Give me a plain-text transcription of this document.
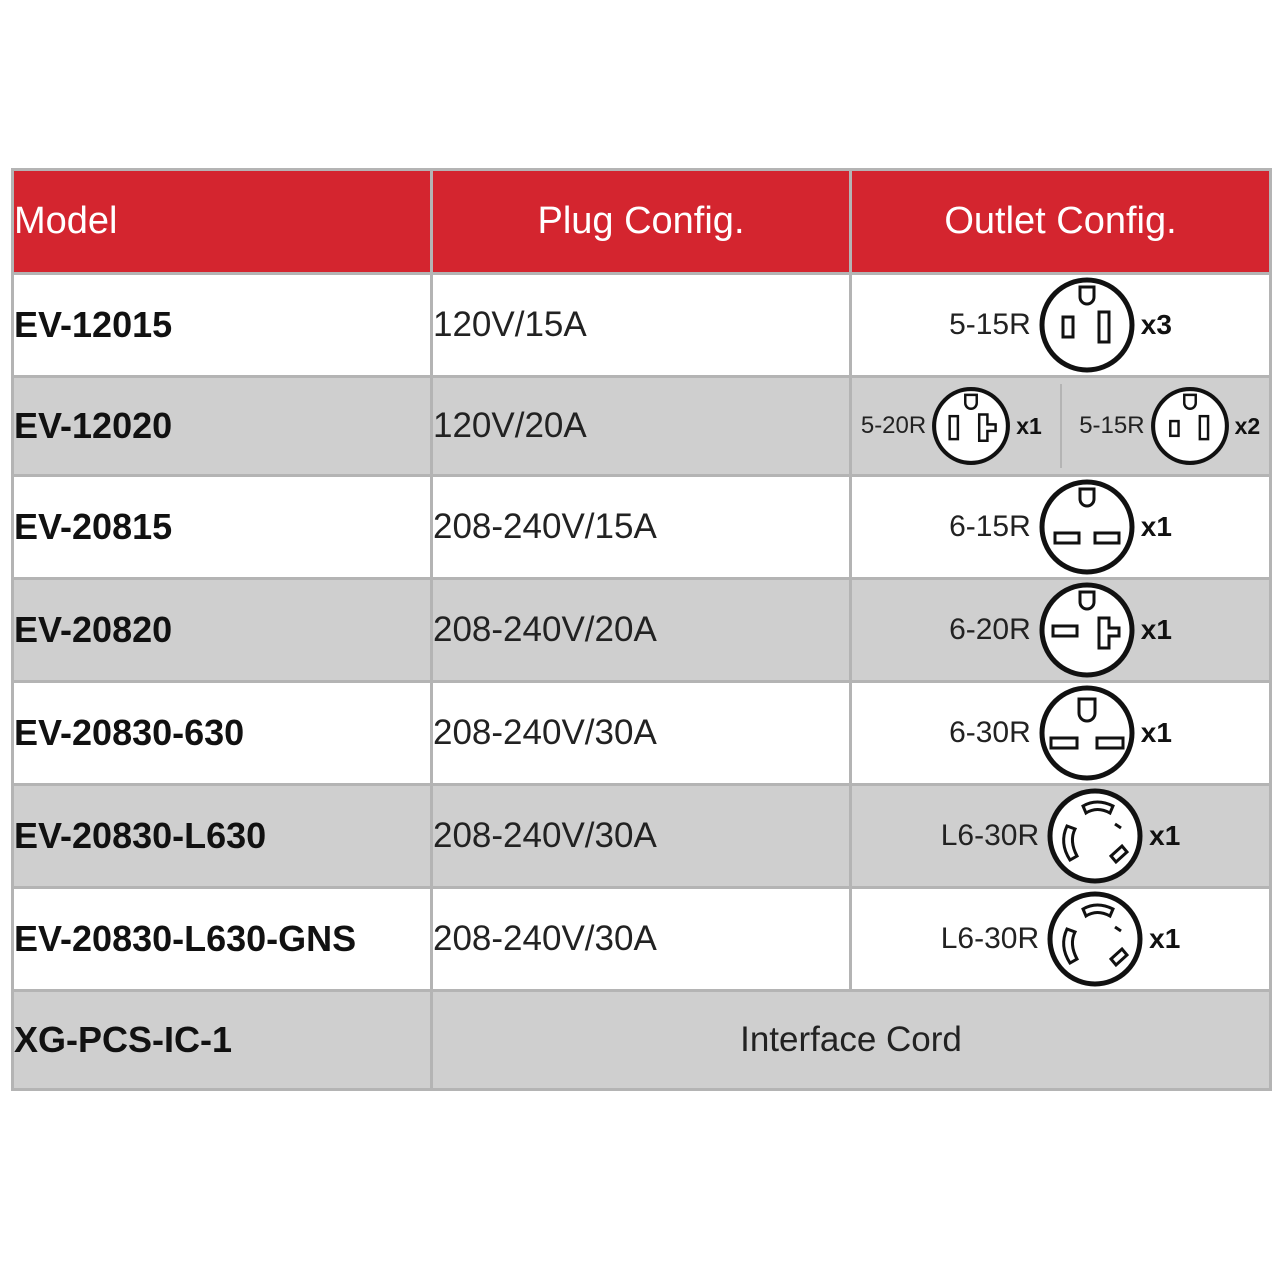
Model	Plug Config.	Outlet Config.
EV-12015	120V/15A	5-15R x3

EV-12020	120V/20A	5-20R x1 5-15R x2

EV-20815	208-240V/15A	6-15R x1

EV-20820	208-240V/20A	6-20R x1

EV-20830-630	208-240V/30A	6-30R x1

EV-20830-L630	208-240V/30A	L6-30R x1

EV-20830-L630-GNS	208-240V/30A	L6-30R x1

XG-PCS-IC-1	Interface Cord	
